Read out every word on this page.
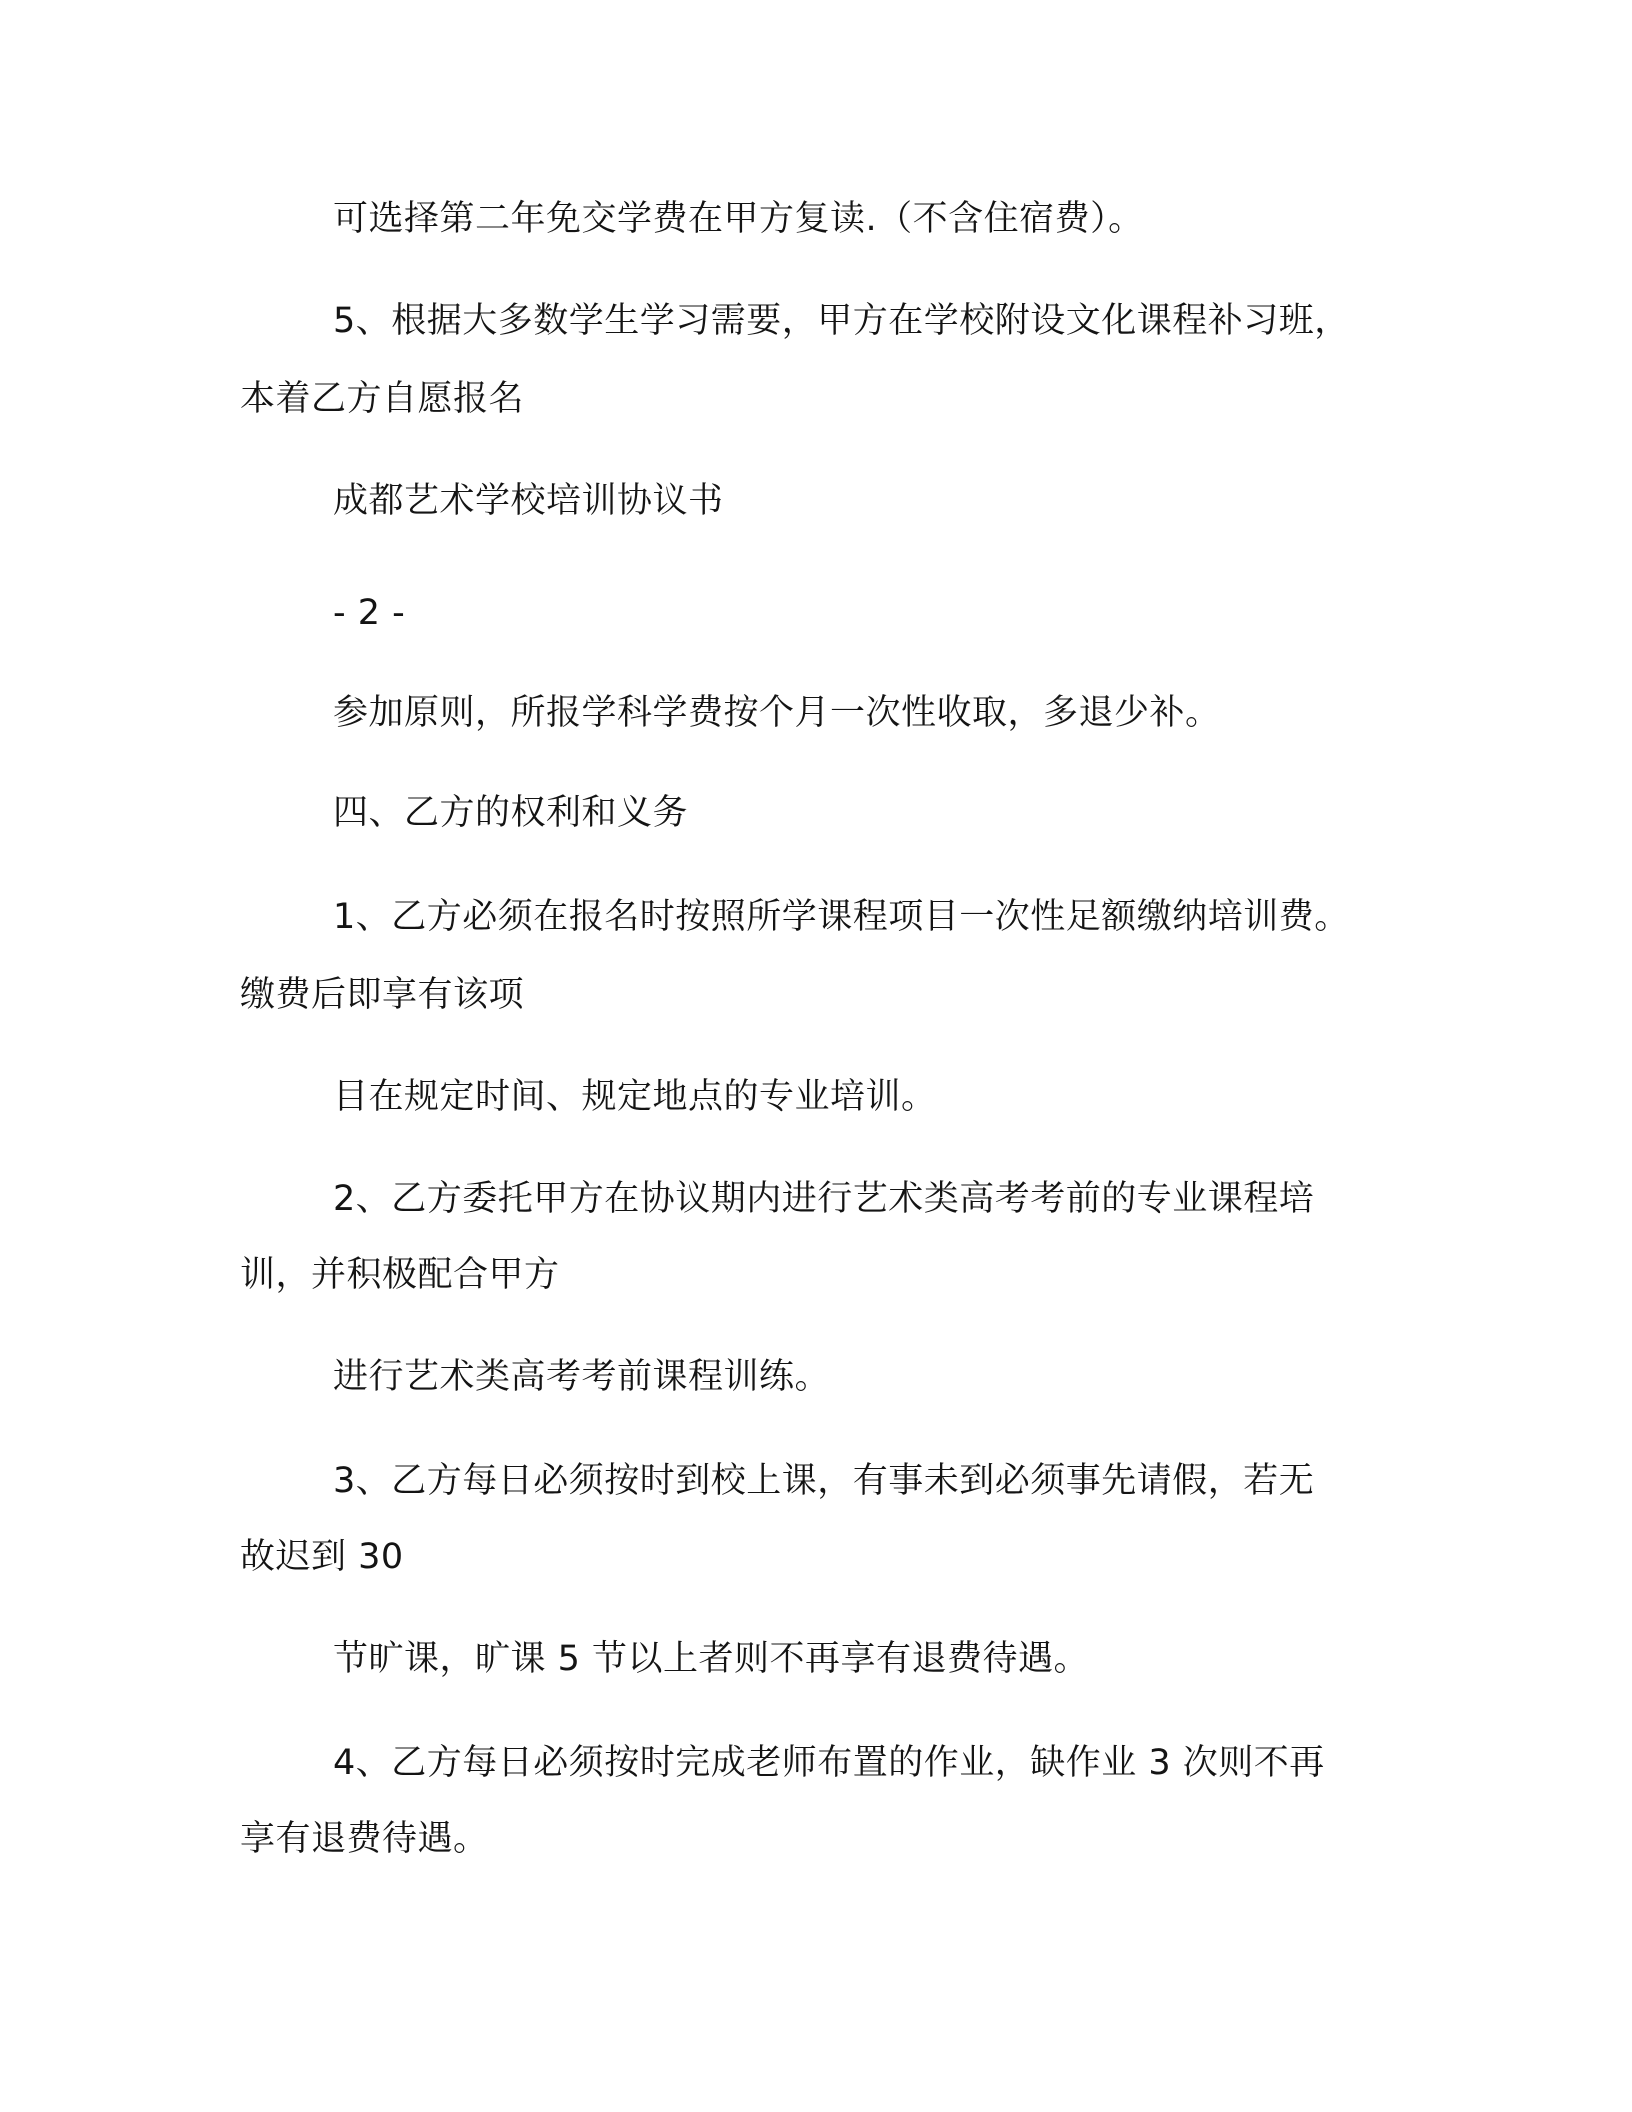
可选择第二年免交学费在甲方复读.（不含住宿费）。
5、根据大多数学生学习需要，甲方在学校附设文化课程补习班，
本着乙方自愿报名
成都艺术学校培训协议书
- 2 -
参加原则，所报学科学费按个月一次性收取，多退少补。
四、乙方的权利和义务
1、乙方必须在报名时按照所学课程项目一次性足额缴纳培训费。
缴费后即享有该项
目在规定时间、规定地点的专业培训。
2、乙方委托甲方在协议期内进行艺术类高考考前的专业课程培
训，并积极配合甲方
进行艺术类高考考前课程训练。
3、乙方每日必须按时到校上课，有事未到必须事先请假，若无
故迟到 30
节旷课，旷课 5 节以上者则不再享有退费待遇。
4、乙方每日必须按时完成老师布置的作业，缺作业 3 次则不再
享有退费待遇。
